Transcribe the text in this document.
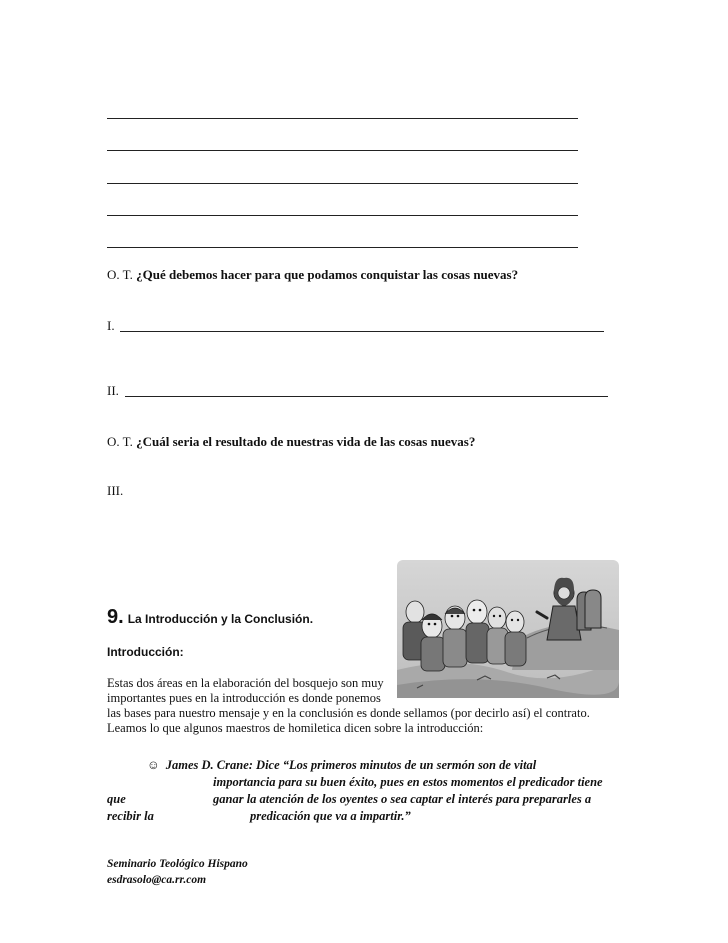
O. T. ¿Qué debemos hacer para que podamos conquistar las cosas nuevas?
I.
II.
O. T. ¿Cuál seria el resultado de nuestras vida de las cosas nuevas?
III.
9. La Introducción y la Conclusión.
Introducción:
Estas dos áreas en la elaboración del bosquejo son muy
importantes pues en la introducción es donde ponemos
las bases para nuestro mensaje y en la conclusión es donde sellamos (por decirlo así) el contrato.
Leamos lo que algunos maestros de homiletica dicen sobre la introducción:
☺ James D. Crane: Dice “Los primeros minutos de un sermón son de vital
importancia para su buen éxito, pues en estos momentos el predicador tiene
que	ganar la atención de los oyentes o sea captar el interés para prepararles a
recibir la	predicación que va a impartir.”
Seminario Teológico Hispano
esdrasolo@ca.rr.com
